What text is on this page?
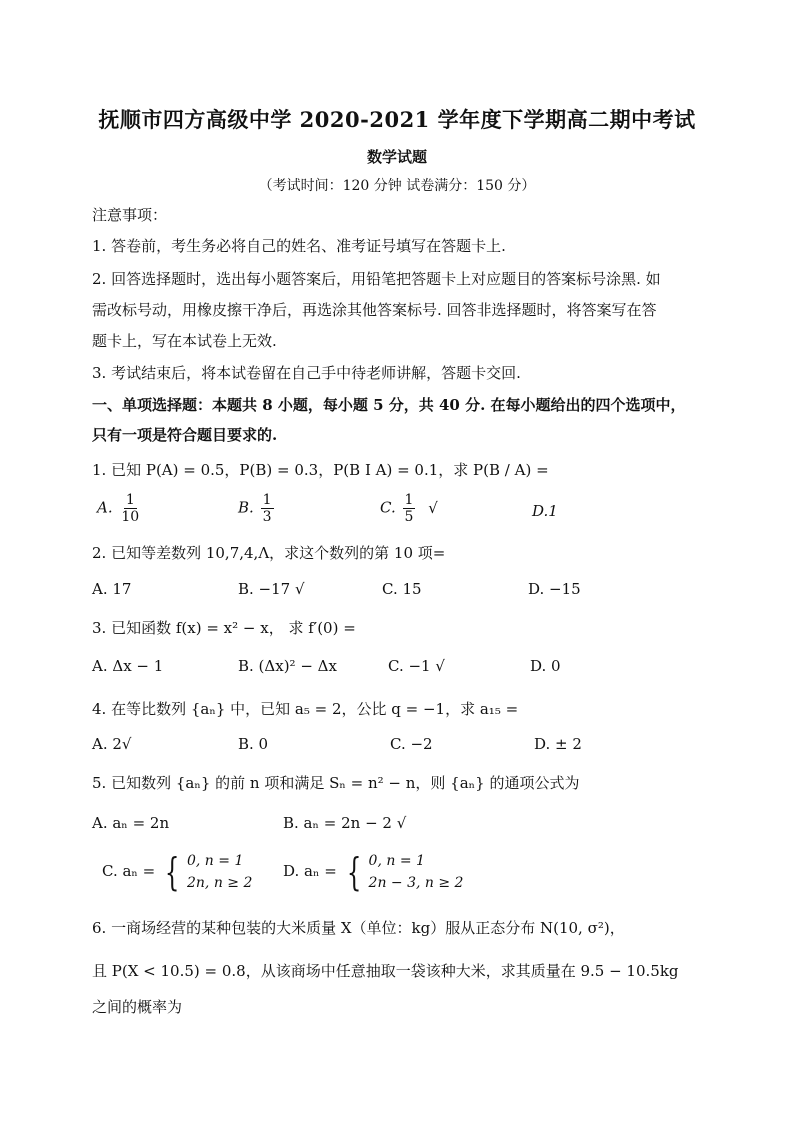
抚顺市四方高级中学 2020-2021 学年度下学期高二期中考试
数学试题
（考试时间：120 分钟 试卷满分：150 分）
注意事项：
1. 答卷前，考生务必将自己的姓名、准考证号填写在答题卡上.
2. 回答选择题时，选出每小题答案后，用铅笔把答题卡上对应题目的答案标号涂黑. 如
需改标号动，用橡皮擦干净后，再选涂其他答案标号. 回答非选择题时，将答案写在答
题卡上，写在本试卷上无效.
3. 考试结束后，将本试卷留在自己手中待老师讲解，答题卡交回.
一、单项选择题：本题共 8 小题，每小题 5 分，共 40 分. 在每小题给出的四个选项中，
只有一项是符合题目要求的.
1. 已知 P(A) = 0.5，P(B) = 0.3，P(B I A) = 0.1，求 P(B / A) =
A. $\frac{1}{10}$	B. $\frac{1}{3}$	C. $\frac{1}{5}$ √	D.1
2. 已知等差数列 10,7,4,Λ，求这个数列的第 10 项=
A. 17	B. −17 √	C. 15	D. −15
3. 已知函数 f(x) = x² − x， 求 f′(0) =
A. Δx − 1	B. (Δx)² − Δx	C. −1 √	D. 0
4. 在等比数列 {aₙ} 中，已知 a₅ = 2，公比 q = −1，求 a₁₅ =
A. 2√	B. 0	C. −2	D. ± 2
5. 已知数列 {aₙ} 的前 n 项和满足 Sₙ = n² − n，则 {aₙ} 的通项公式为
A. aₙ = 2n	B. aₙ = 2n − 2 √
C. aₙ = { 0, n = 1
2n, n ≥ 2
D. aₙ = { 0, n = 1
2n − 3, n ≥ 2
6. 一商场经营的某种包装的大米质量 X（单位：kg）服从正态分布 N(10, σ²)，
且 P(X < 10.5) = 0.8，从该商场中任意抽取一袋该种大米，求其质量在 9.5 − 10.5kg
之间的概率为
